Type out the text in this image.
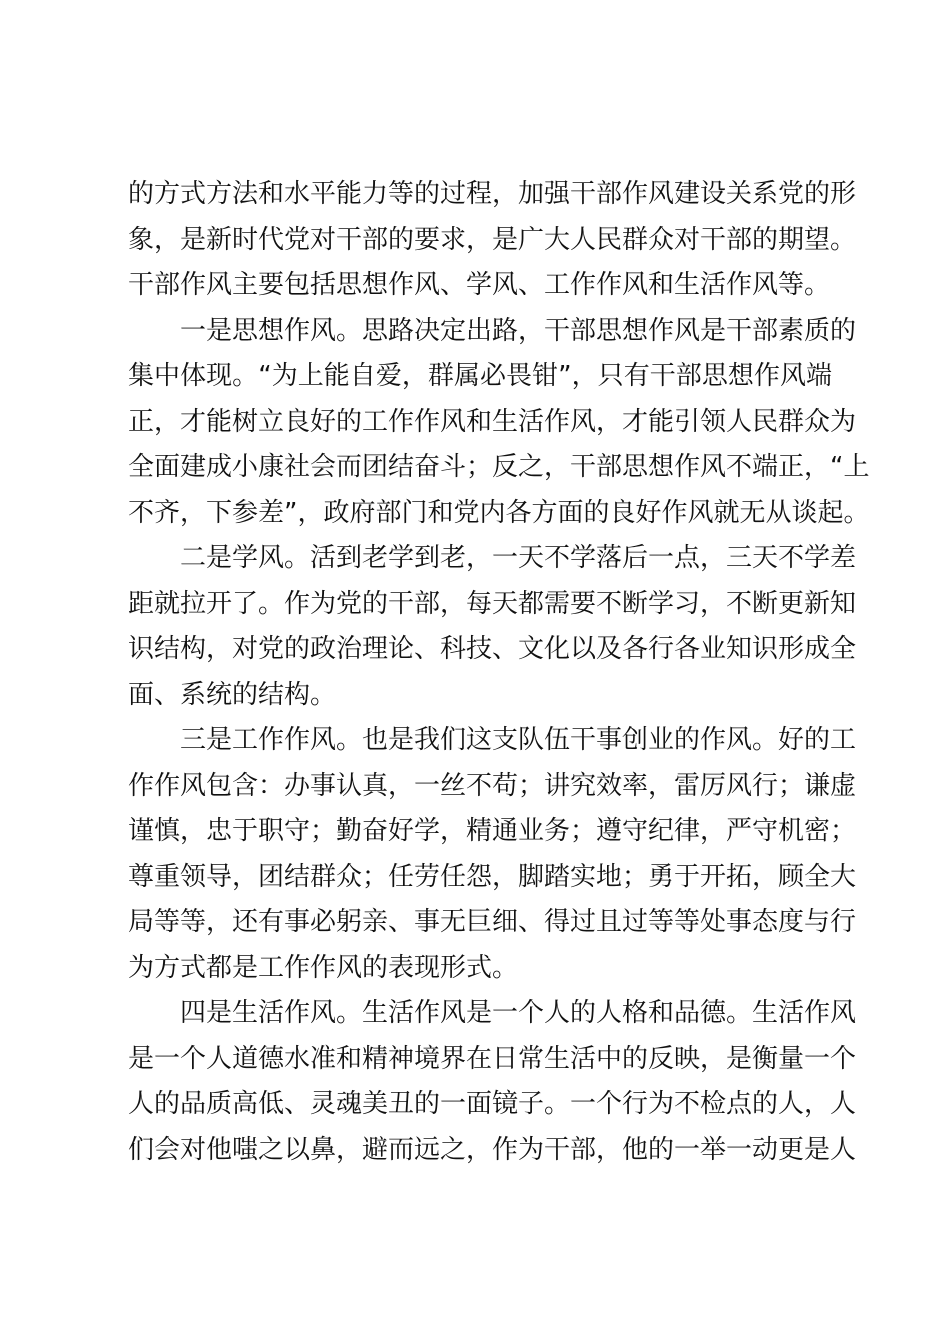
的方式方法和水平能力等的过程，加强干部作风建设关系党的形
象，是新时代党对干部的要求，是广大人民群众对干部的期望。
干部作风主要包括思想作风、学风、工作作风和生活作风等。
一是思想作风。思路决定出路，干部思想作风是干部素质的
集中体现。“为上能自爱，群属必畏钳”，只有干部思想作风端
正，才能树立良好的工作作风和生活作风，才能引领人民群众为
全面建成小康社会而团结奋斗；反之，干部思想作风不端正，“上
不齐，下参差”，政府部门和党内各方面的良好作风就无从谈起。
二是学风。活到老学到老，一天不学落后一点，三天不学差
距就拉开了。作为党的干部，每天都需要不断学习，不断更新知
识结构，对党的政治理论、科技、文化以及各行各业知识形成全
面、系统的结构。
三是工作作风。也是我们这支队伍干事创业的作风。好的工
作作风包含：办事认真，一丝不苟；讲究效率，雷厉风行；谦虚
谨慎，忠于职守；勤奋好学，精通业务；遵守纪律，严守机密；
尊重领导，团结群众；任劳任怨，脚踏实地；勇于开拓，顾全大
局等等，还有事必躬亲、事无巨细、得过且过等等处事态度与行
为方式都是工作作风的表现形式。
四是生活作风。生活作风是一个人的人格和品德。生活作风
是一个人道德水准和精神境界在日常生活中的反映，是衡量一个
人的品质高低、灵魂美丑的一面镜子。一个行为不检点的人，人
们会对他嗤之以鼻，避而远之，作为干部，他的一举一动更是人
